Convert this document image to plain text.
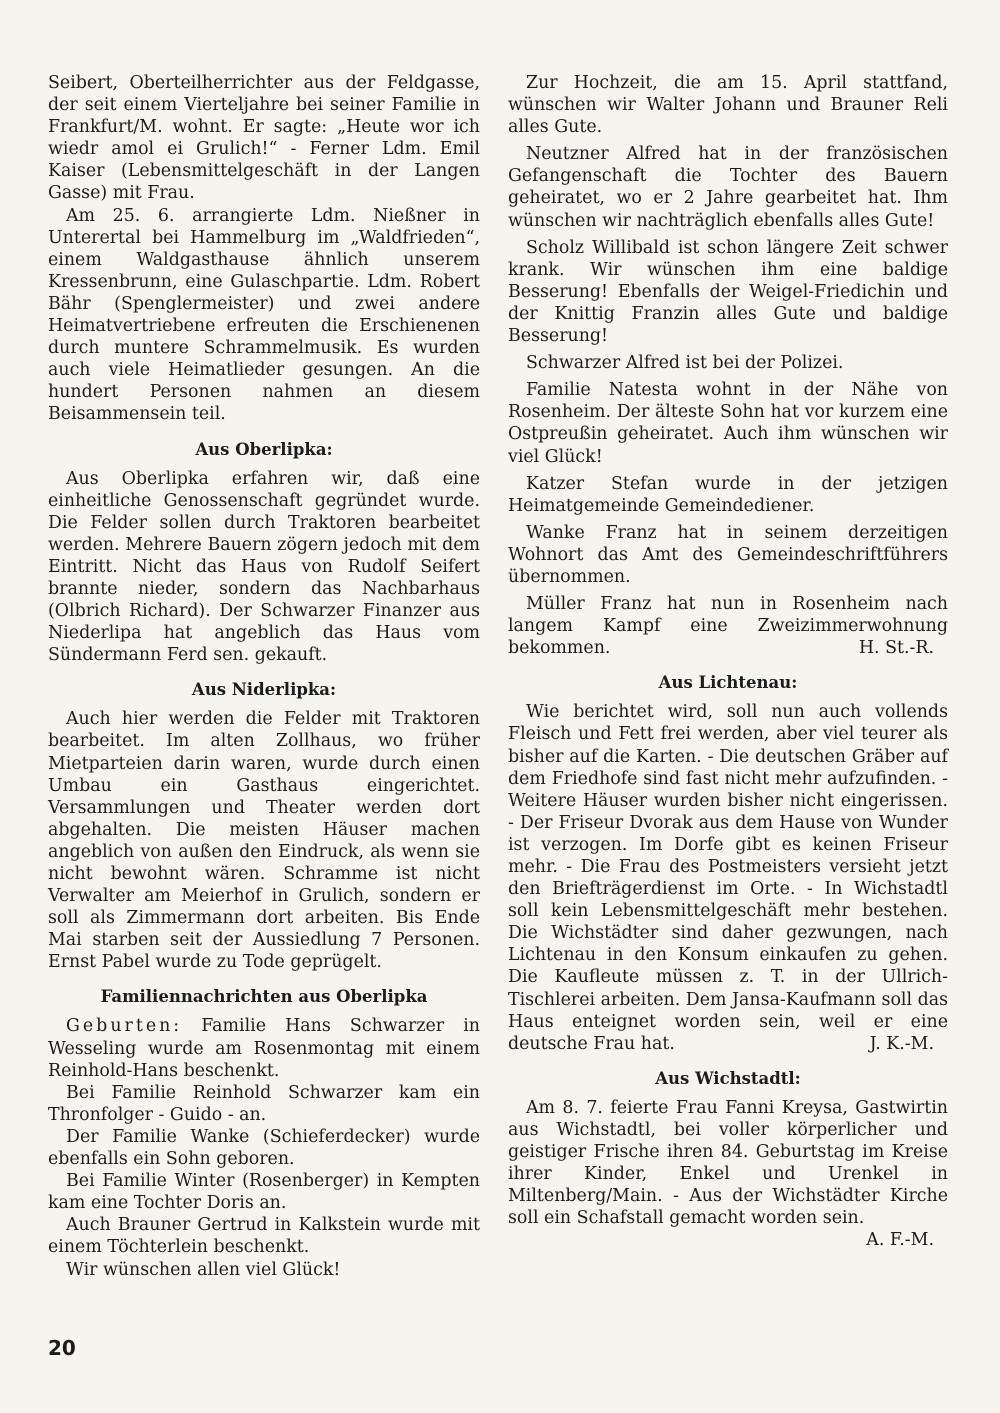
Seibert, Oberteilherrichter aus der Feldgasse, der seit einem Vierteljahre bei seiner Familie in Frankfurt/M. wohnt. Er sagte: „Heute wor ich wiedr amol ei Grulich!“ - Ferner Ldm. Emil Kaiser (Lebensmittelgeschäft in der Langen Gasse) mit Frau.

Am 25. 6. arrangierte Ldm. Nießner in Unterertal bei Hammelburg im „Waldfrieden“, einem Waldgasthause ähnlich unserem Kressenbrunn, eine Gulaschpartie. Ldm. Robert Bähr (Spenglermeister) und zwei andere Heimatvertriebene erfreuten die Erschienenen durch muntere Schrammelmusik. Es wurden auch viele Heimatlieder gesungen. An die hundert Personen nahmen an diesem Beisammensein teil.

Aus Oberlipka:

Aus Oberlipka erfahren wir, daß eine einheitliche Genossenschaft gegründet wurde. Die Felder sollen durch Traktoren bearbeitet werden. Mehrere Bauern zögern jedoch mit dem Eintritt. Nicht das Haus von Rudolf Seifert brannte nieder, sondern das Nachbarhaus (Olbrich Richard). Der Schwarzer Finanzer aus Niederlipa hat angeblich das Haus vom Sündermann Ferd sen. gekauft.

Aus Niderlipka:

Auch hier werden die Felder mit Traktoren bearbeitet. Im alten Zollhaus, wo früher Mietparteien darin waren, wurde durch einen Umbau ein Gasthaus eingerichtet. Versammlungen und Theater werden dort abgehalten. Die meisten Häuser machen angeblich von außen den Eindruck, als wenn sie nicht bewohnt wären. Schramme ist nicht Verwalter am Meierhof in Grulich, sondern er soll als Zimmermann dort arbeiten. Bis Ende Mai starben seit der Aussiedlung 7 Personen. Ernst Pabel wurde zu Tode geprügelt.

Familiennachrichten aus Oberlipka

Geburten: Familie Hans Schwarzer in Wesseling wurde am Rosenmontag mit einem Reinhold-Hans beschenkt.

Bei Familie Reinhold Schwarzer kam ein Thronfolger - Guido - an.

Der Familie Wanke (Schieferdecker) wurde ebenfalls ein Sohn geboren.

Bei Familie Winter (Rosenberger) in Kempten kam eine Tochter Doris an.

Auch Brauner Gertrud in Kalkstein wurde mit einem Töchterlein beschenkt.

Wir wünschen allen viel Glück!

Zur Hochzeit, die am 15. April stattfand, wünschen wir Walter Johann und Brauner Reli alles Gute.

Neutzner Alfred hat in der französischen Gefangenschaft die Tochter des Bauern geheiratet, wo er 2 Jahre gearbeitet hat. Ihm wünschen wir nachträglich ebenfalls alles Gute!

Scholz Willibald ist schon längere Zeit schwer krank. Wir wünschen ihm eine baldige Besserung! Ebenfalls der Weigel-Friedichin und der Knittig Franzin alles Gute und baldige Besserung!

Schwarzer Alfred ist bei der Polizei.

Familie Natesta wohnt in der Nähe von Rosenheim. Der älteste Sohn hat vor kurzem eine Ostpreußin geheiratet. Auch ihm wünschen wir viel Glück!

Katzer Stefan wurde in der jetzigen Heimatgemeinde Gemeindediener.

Wanke Franz hat in seinem derzeitigen Wohnort das Amt des Gemeindeschriftführers übernommen.

Müller Franz hat nun in Rosenheim nach langem Kampf eine Zweizimmerwohnung bekommen.	H. St.-R.

Aus Lichtenau:

Wie berichtet wird, soll nun auch vollends Fleisch und Fett frei werden, aber viel teurer als bisher auf die Karten. - Die deutschen Gräber auf dem Friedhofe sind fast nicht mehr aufzufinden. - Weitere Häuser wurden bisher nicht eingerissen. - Der Friseur Dvorak aus dem Hause von Wunder ist verzogen. Im Dorfe gibt es keinen Friseur mehr. - Die Frau des Postmeisters versieht jetzt den Briefträgerdienst im Orte. - In Wichstadtl soll kein Lebensmittelgeschäft mehr bestehen. Die Wichstädter sind daher gezwungen, nach Lichtenau in den Konsum einkaufen zu gehen. Die Kaufleute müssen z. T. in der Ullrich-Tischlerei arbeiten. Dem Jansa-Kaufmann soll das Haus enteignet worden sein, weil er eine deutsche Frau hat.	J. K.-M.

Aus Wichstadtl:

Am 8. 7. feierte Frau Fanni Kreysa, Gastwirtin aus Wichstadtl, bei voller körperlicher und geistiger Frische ihren 84. Geburtstag im Kreise ihrer Kinder, Enkel und Urenkel in Miltenberg/Main. - Aus der Wichstädter Kirche soll ein Schafstall gemacht worden sein.
A. F.-M.

20
